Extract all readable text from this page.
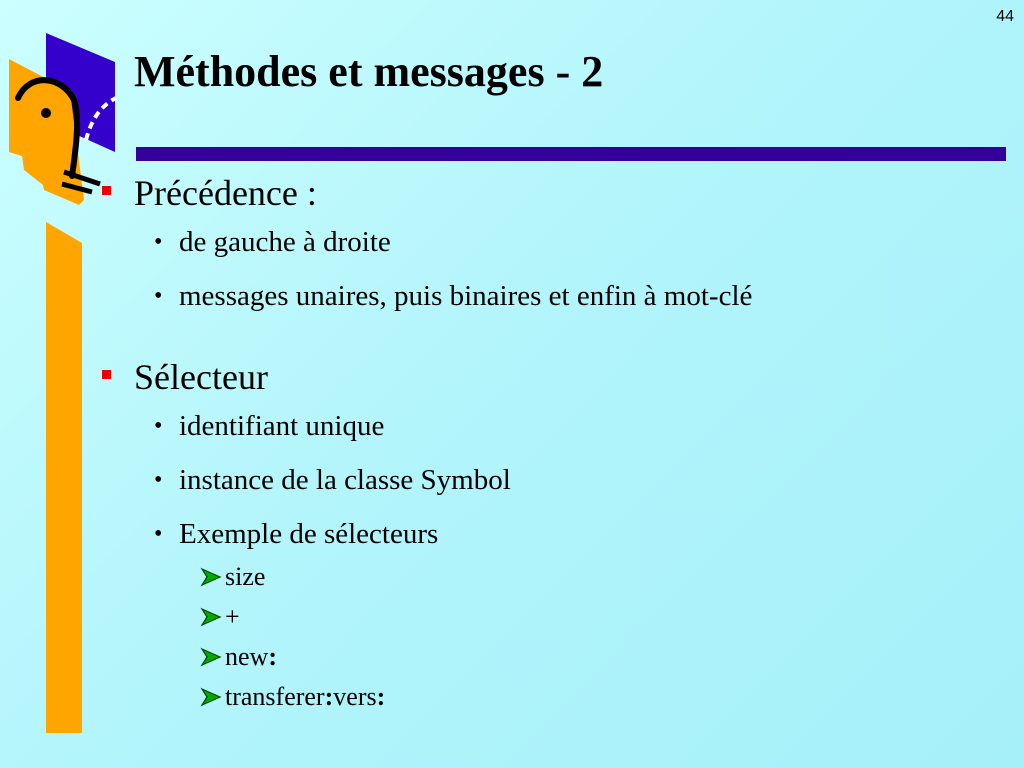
44
Méthodes et messages - 2
Précédence :
• de gauche à droite
• messages unaires, puis binaires et enfin à mot-clé
Sélecteur
• identifiant unique
• instance de la classe Symbol
• Exemple de sélecteurs
size
+
new:
transferer:vers:
